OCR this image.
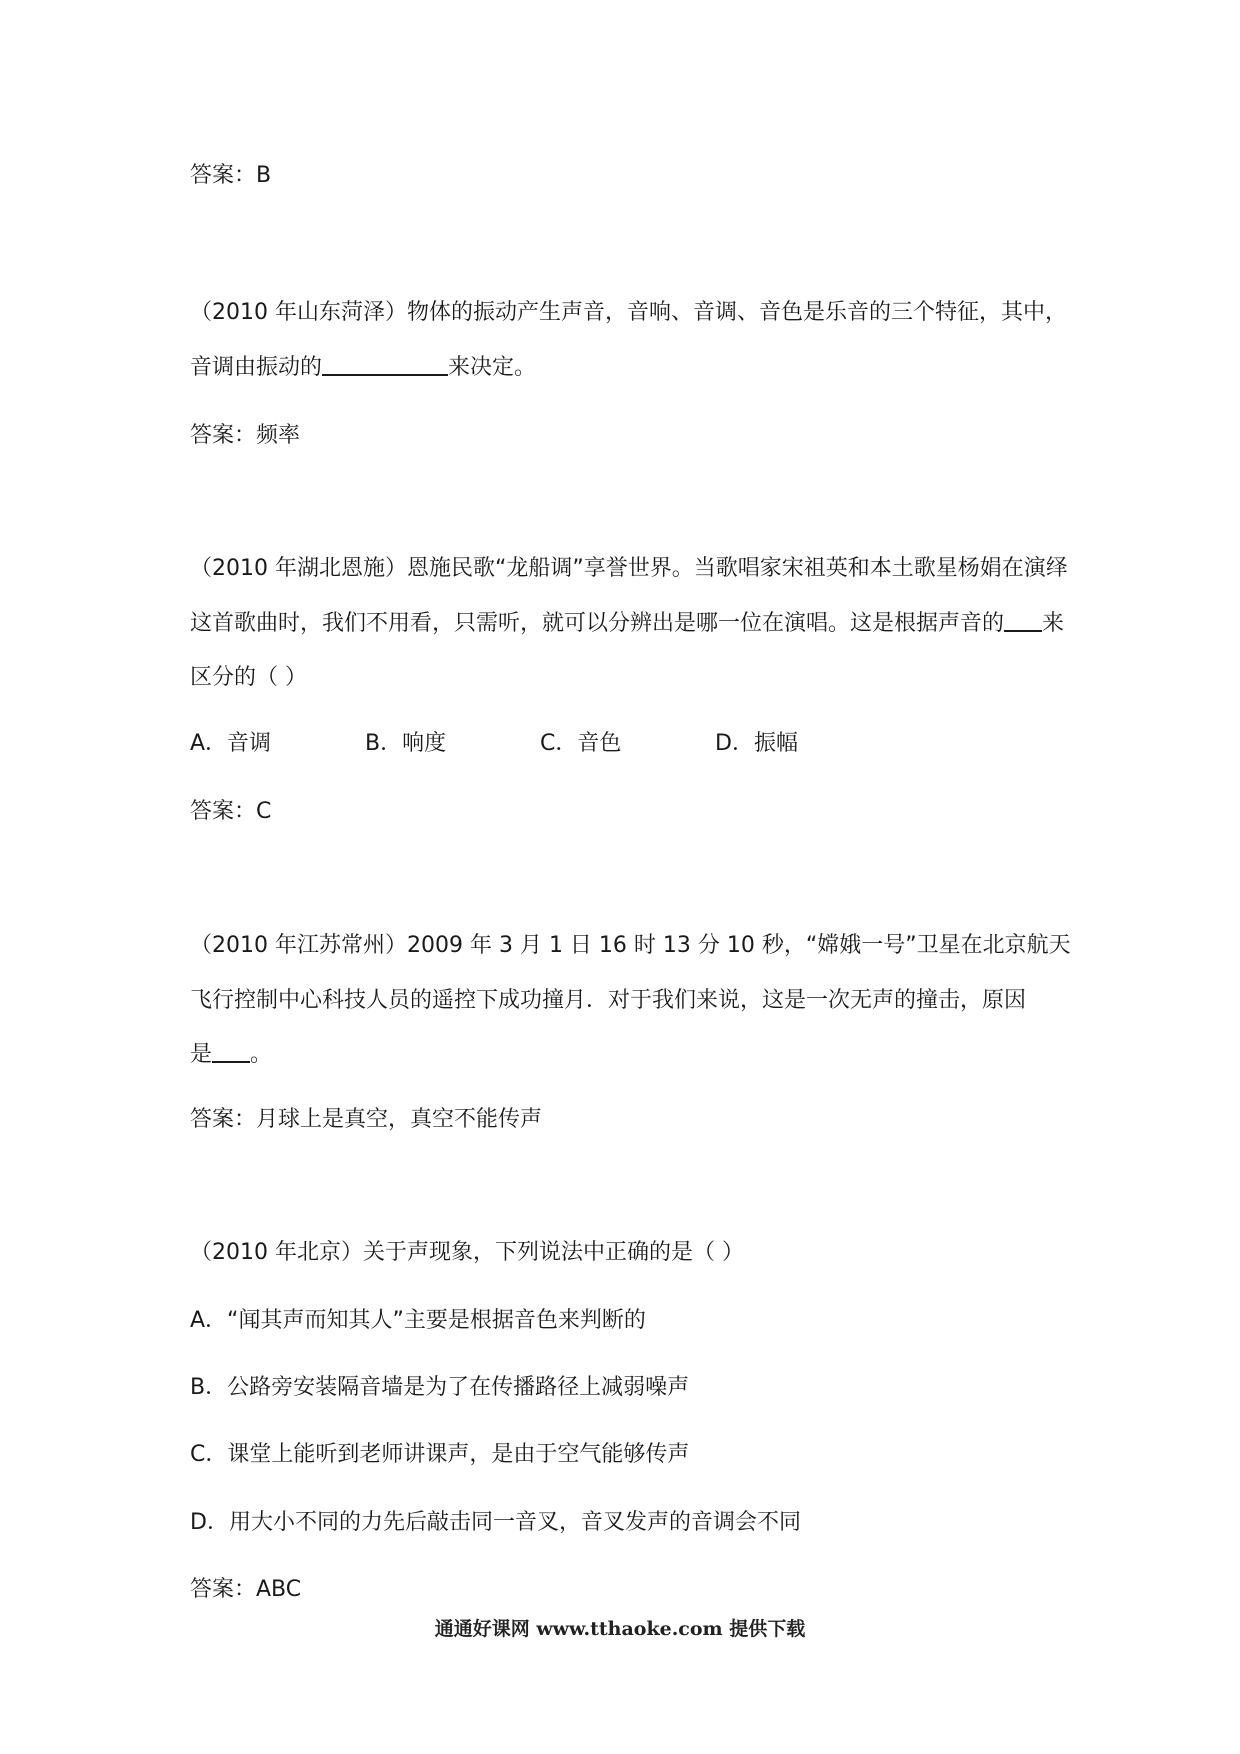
答案：B
（2010 年山东菏泽）物体的振动产生声音，音响、音调、音色是乐音的三个特征，其中，
音调由振动的	来决定。
答案：频率
（2010 年湖北恩施）恩施民歌“龙船调”享誉世界。当歌唱家宋祖英和本土歌星杨娟在演绎
这首歌曲时，我们不用看，只需听，就可以分辨出是哪一位在演唱。这是根据声音的 来
区分的（ ）
A．音调	B．响度	C．音色	D．振幅
答案：C
（2010 年江苏常州）2009 年 3 月 1 日 16 时 13 分 10 秒，“嫦娥一号”卫星在北京航天
飞行控制中心科技人员的遥控下成功撞月．对于我们来说，这是一次无声的撞击，原因
是 。
答案：月球上是真空，真空不能传声
（2010 年北京）关于声现象，下列说法中正确的是（ ）
A．“闻其声而知其人”主要是根据音色来判断的
B．公路旁安装隔音墙是为了在传播路径上减弱噪声
C．课堂上能听到老师讲课声，是由于空气能够传声
D．用大小不同的力先后敲击同一音叉，音叉发声的音调会不同
答案：ABC
通通好课网 www.tthaoke.com 提供下载
